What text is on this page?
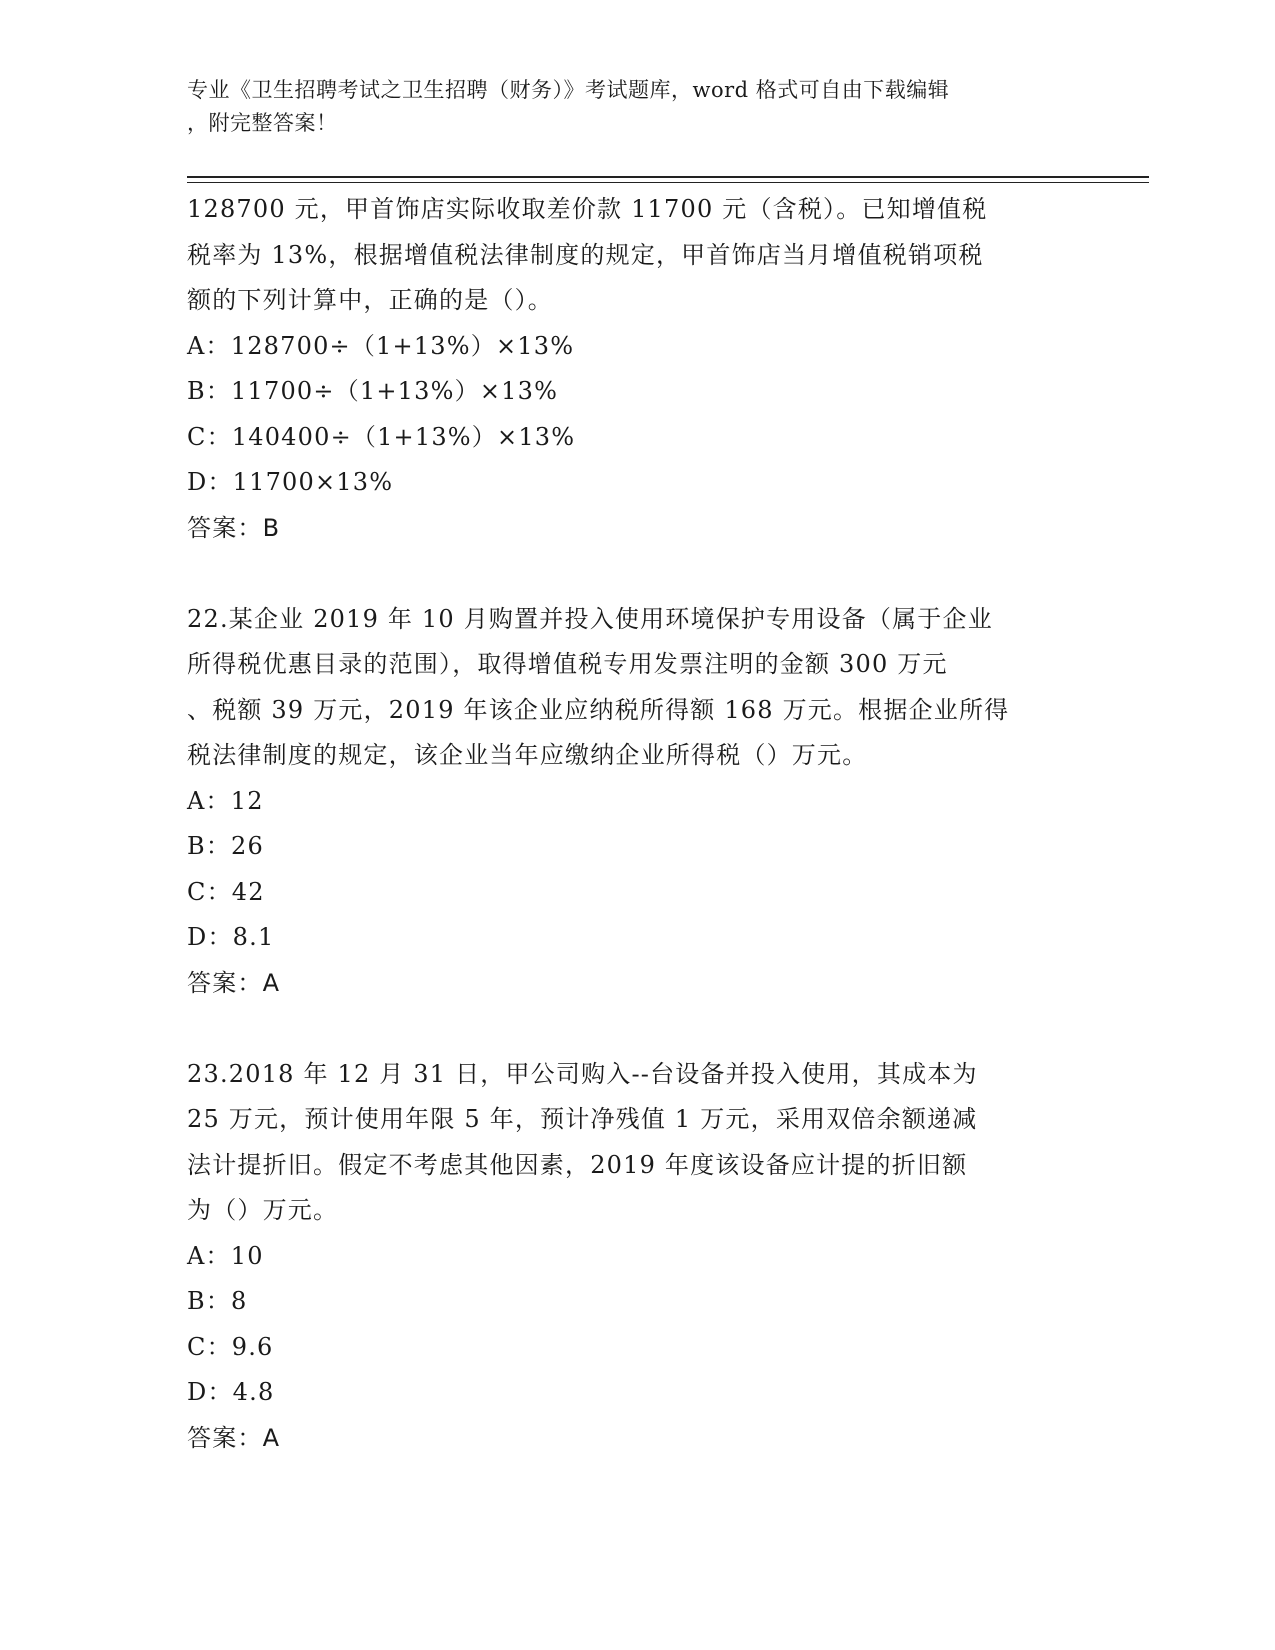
专业《卫生招聘考试之卫生招聘（财务）》考试题库，word 格式可自由下载编辑
，附完整答案！
128700 元，甲首饰店实际收取差价款 11700 元（含税）。已知增值税
税率为 13%，根据增值税法律制度的规定，甲首饰店当月增值税销项税
额的下列计算中，正确的是（）。
A：128700÷（1+13%）×13%
B：11700÷（1+13%）×13%
C：140400÷（1+13%）×13%
D：11700×13%
答案：B
22.某企业 2019 年 10 月购置并投入使用环境保护专用设备（属于企业
所得税优惠目录的范围），取得增值税专用发票注明的金额 300 万元
、税额 39 万元，2019 年该企业应纳税所得额 168 万元。根据企业所得
税法律制度的规定，该企业当年应缴纳企业所得税（）万元。
A：12
B：26
C：42
D：8.1
答案：A
23.2018 年 12 月 31 日，甲公司购入--台设备并投入使用，其成本为
25 万元，预计使用年限 5 年，预计净残值 1 万元，采用双倍余额递减
法计提折旧。假定不考虑其他因素，2019 年度该设备应计提的折旧额
为（）万元。
A：10
B：8
C：9.6
D：4.8
答案：A
